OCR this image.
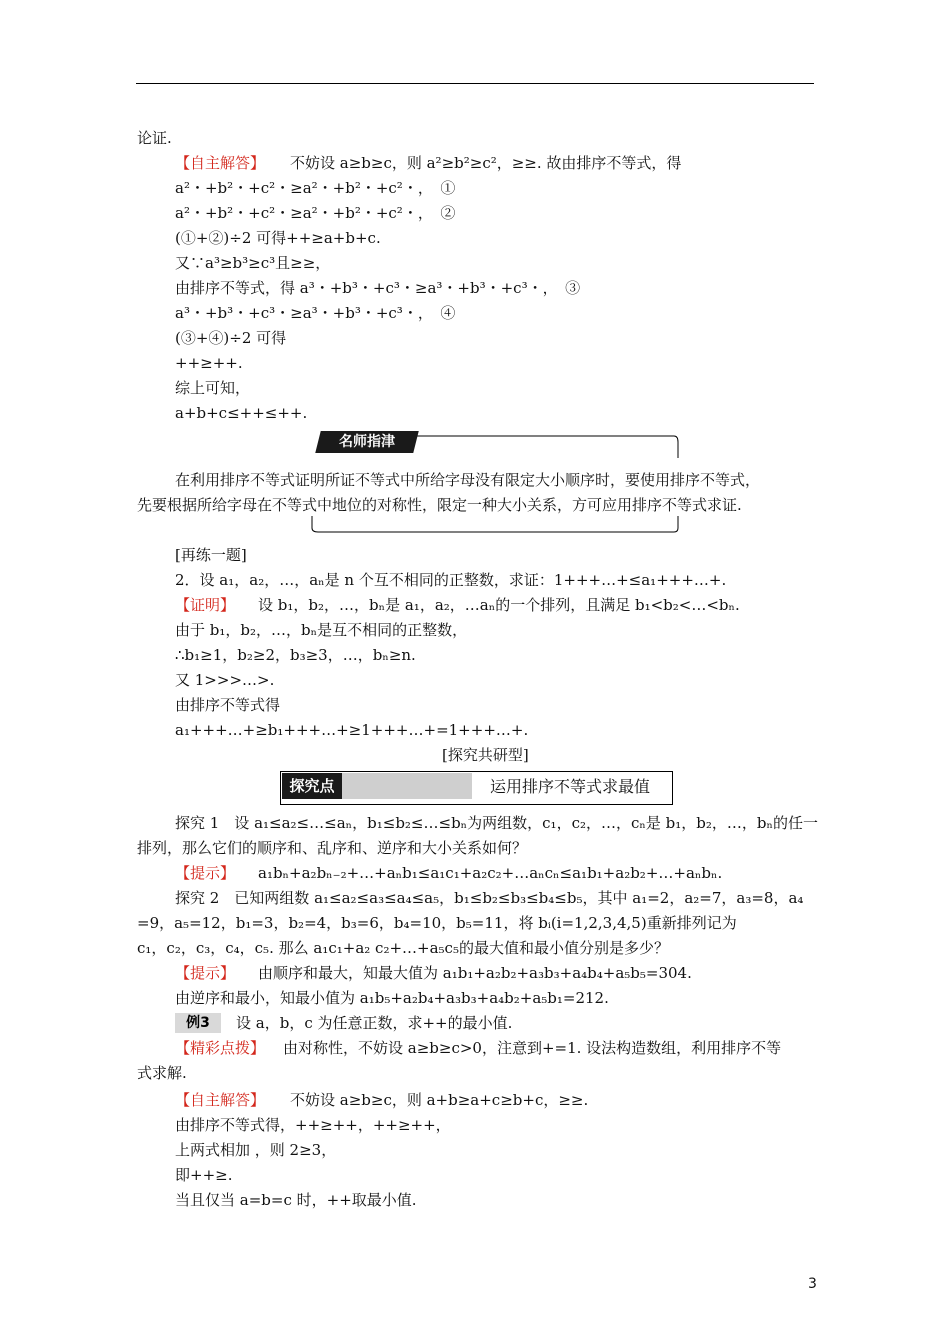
论证.
【自主解答】 不妨设 a≥b≥c，则 a²≥b²≥c²，≥≥. 故由排序不等式，得
a²・+b²・+c²・≥a²・+b²・+c²・，　①
a²・+b²・+c²・≥a²・+b²・+c²・，　②
(①+②)÷2 可得++≥a+b+c.
又∵a³≥b³≥c³且≥≥，
由排序不等式，得 a³・+b³・+c³・≥a³・+b³・+c³・，　③
a³・+b³・+c³・≥a³・+b³・+c³・，　④
(③+④)÷2 可得
++≥++.
综上可知，
a+b+c≤++≤++.
名师指津
在利用排序不等式证明所证不等式中所给字母没有限定大小顺序时，要使用排序不等式，
先要根据所给字母在不等式中地位的对称性，限定一种大小关系，方可应用排序不等式求证.
[再练一题]
2．设 a₁，a₂，…，aₙ是 n 个互不相同的正整数，求证：1+++…+≤a₁+++…+.
【证明】 设 b₁，b₂，…，bₙ是 a₁，a₂，…aₙ的一个排列，且满足 b₁<b₂<…<bₙ.
由于 b₁，b₂，…，bₙ是互不相同的正整数，
∴b₁≥1，b₂≥2，b₃≥3，…，bₙ≥n.
又 1>>>…>.
由排序不等式得
a₁+++…+≥b₁+++…+≥1+++…+=1+++…+.
[探究共研型]
探究点	运用排序不等式求最值
探究 1　设 a₁≤a₂≤…≤aₙ，b₁≤b₂≤…≤bₙ为两组数，c₁，c₂，…，cₙ是 b₁，b₂，…，bₙ的任一
排列，那么它们的顺序和、乱序和、逆序和大小关系如何？
【提示】 a₁bₙ+a₂bₙ₋₂+…+aₙb₁≤a₁c₁+a₂c₂+…aₙcₙ≤a₁b₁+a₂b₂+…+aₙbₙ.
探究 2　已知两组数 a₁≤a₂≤a₃≤a₄≤a₅，b₁≤b₂≤b₃≤b₄≤b₅，其中 a₁=2，a₂=7，a₃=8，a₄
=9，a₅=12，b₁=3，b₂=4，b₃=6，b₄=10，b₅=11，将 bᵢ(i=1,2,3,4,5)重新排列记为
c₁，c₂，c₃，c₄，c₅. 那么 a₁c₁+a₂ c₂+…+a₅c₅的最大值和最小值分别是多少？
【提示】 由顺序和最大，知最大值为 a₁b₁+a₂b₂+a₃b₃+a₄b₄+a₅b₅=304.
由逆序和最小，知最小值为 a₁b₅+a₂b₄+a₃b₃+a₄b₂+a₅b₁=212.
例3	设 a，b，c 为任意正数，求++的最小值.
【精彩点拨】 由对称性，不妨设 a≥b≥c>0，注意到+=1. 设法构造数组，利用排序不等
式求解.
【自主解答】 不妨设 a≥b≥c，则 a+b≥a+c≥b+c，≥≥.
由排序不等式得，++≥++，++≥++，
上两式相加 ，则 2≥3，
即++≥.
当且仅当 a=b=c 时，++取最小值.
3
